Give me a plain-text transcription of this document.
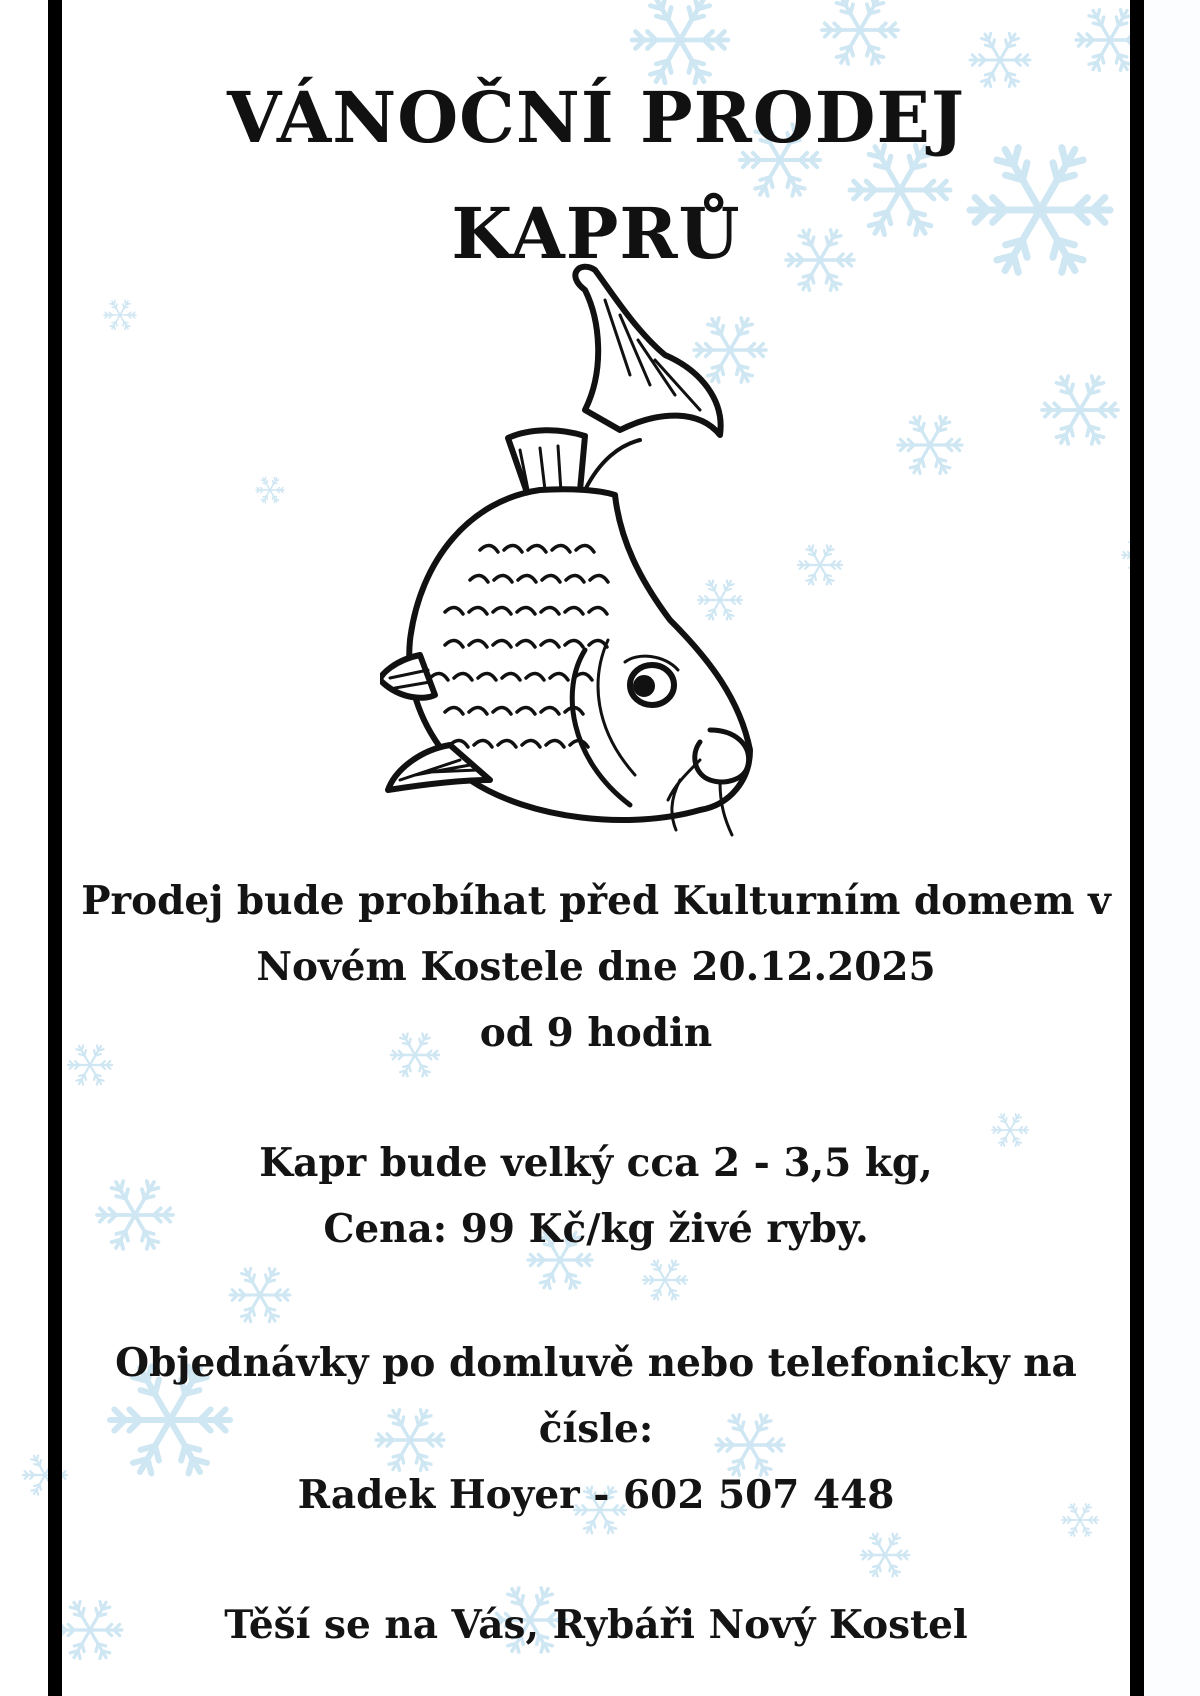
VÁNOČNÍ PRODEJ
KAPRŮ
Prodej bude probíhat před Kulturním domem v
Novém Kostele dne 20.12.2025
od 9 hodin
Kapr bude velký cca 2 - 3,5 kg,
Cena: 99 Kč/kg živé ryby.
Objednávky po domluvě nebo telefonicky na
čísle:
Radek Hoyer - 602 507 448
Těší se na Vás, Rybáři Nový Kostel
